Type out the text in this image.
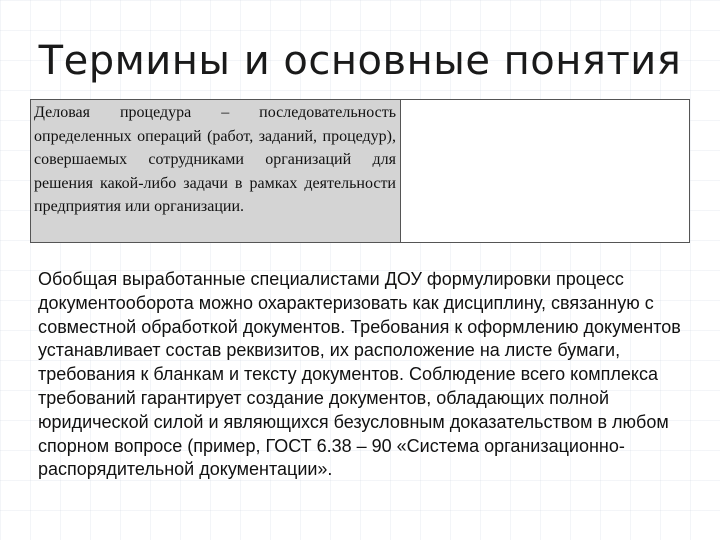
Термины и основные понятия
Деловая процедура – последовательность определенных операций (работ, заданий, процедур), совершаемых сотрудниками организаций для решения какой-либо задачи в рамках деятельности предприятия или организации.
Обобщая выработанные специалистами ДОУ формулировки процесс документооборота можно охарактеризовать как дисциплину, связанную с совместной обработкой документов. Требования к оформлению документов устанавливает состав реквизитов, их расположение на листе бумаги, требования к бланкам и тексту документов. Соблюдение всего комплекса требований гарантирует создание документов, обладающих полной юридической силой и являющихся безусловным доказательством в любом спорном вопросе (пример, ГОСТ 6.38 – 90 «Система организационно-распорядительной документации».
